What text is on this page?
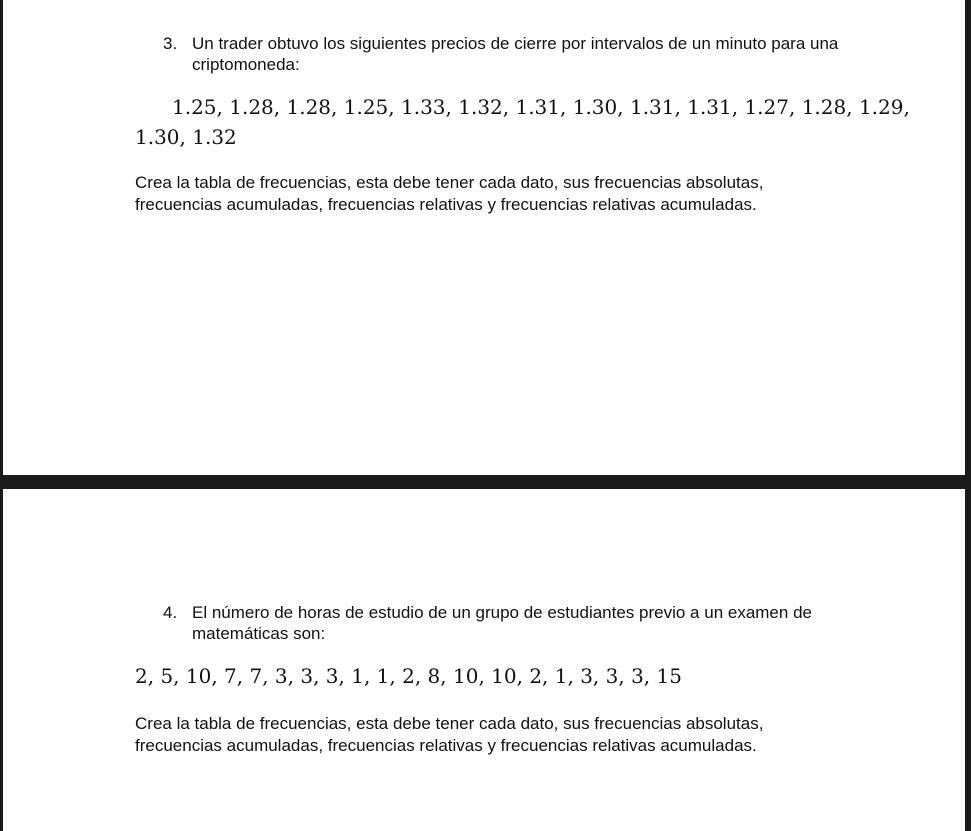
3. Un trader obtuvo los siguientes precios de cierre por intervalos de un minuto para una criptomoneda:
1.25, 1.28, 1.28, 1.25, 1.33, 1.32, 1.31, 1.30, 1.31, 1.31, 1.27, 1.28, 1.29,
1.30, 1.32
Crea la tabla de frecuencias, esta debe tener cada dato, sus frecuencias absolutas, frecuencias acumuladas, frecuencias relativas y frecuencias relativas acumuladas.
4. El número de horas de estudio de un grupo de estudiantes previo a un examen de matemáticas son:
2, 5, 10, 7, 7, 3, 3, 3, 1, 1, 2, 8, 10, 10, 2, 1, 3, 3, 3, 15
Crea la tabla de frecuencias, esta debe tener cada dato, sus frecuencias absolutas, frecuencias acumuladas, frecuencias relativas y frecuencias relativas acumuladas.
